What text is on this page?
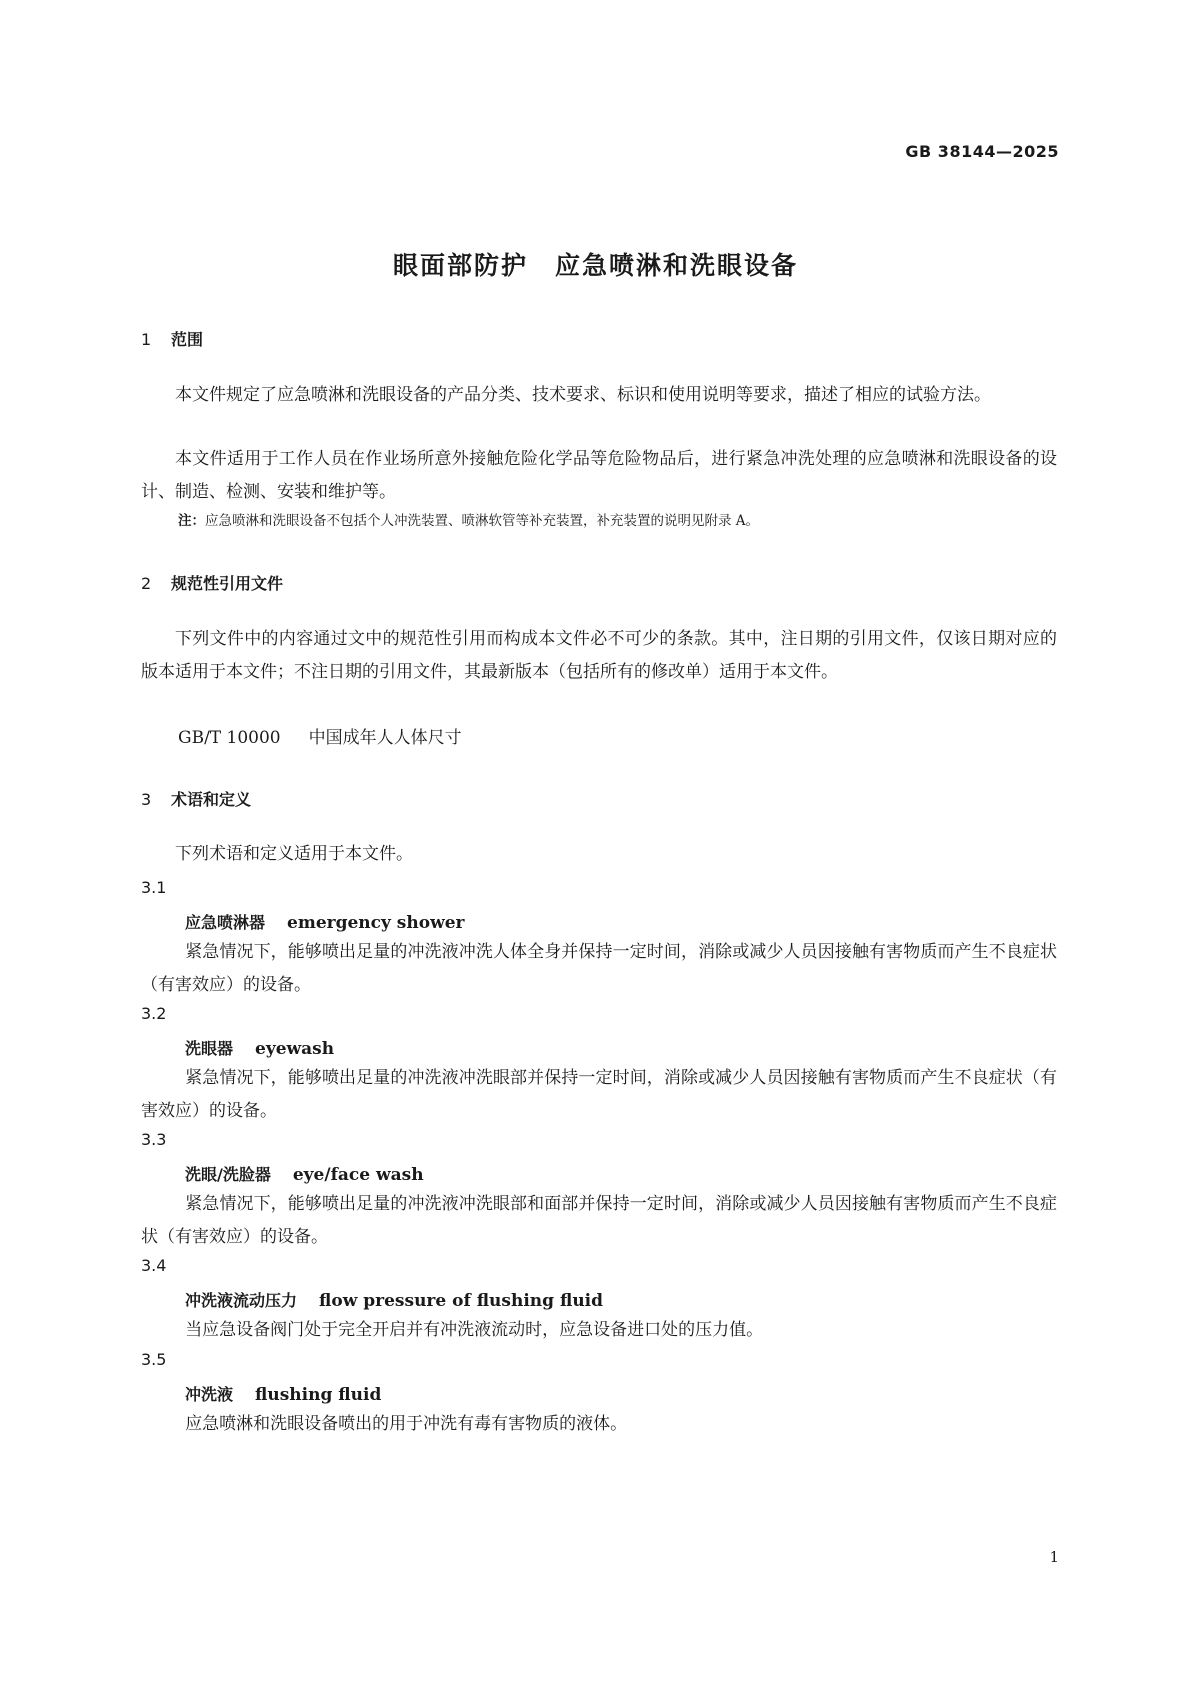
GB 38144—2025
眼面部防护　应急喷淋和洗眼设备
1 范围
本文件规定了应急喷淋和洗眼设备的产品分类、技术要求、标识和使用说明等要求，描述了相应的试验方法。
本文件适用于工作人员在作业场所意外接触危险化学品等危险物品后，进行紧急冲洗处理的应急喷淋和洗眼设备的设计、制造、检测、安装和维护等。
注：应急喷淋和洗眼设备不包括个人冲洗装置、喷淋软管等补充装置，补充装置的说明见附录 A。
2 规范性引用文件
下列文件中的内容通过文中的规范性引用而构成本文件必不可少的条款。其中，注日期的引用文件，仅该日期对应的版本适用于本文件；不注日期的引用文件，其最新版本（包括所有的修改单）适用于本文件。
GB/T 10000 中国成年人人体尺寸
3 术语和定义
下列术语和定义适用于本文件。
3.1
应急喷淋器 emergency shower
紧急情况下，能够喷出足量的冲洗液冲洗人体全身并保持一定时间，消除或减少人员因接触有害物质而产生不良症状（有害效应）的设备。
3.2
洗眼器 eyewash
紧急情况下，能够喷出足量的冲洗液冲洗眼部并保持一定时间，消除或减少人员因接触有害物质而产生不良症状（有害效应）的设备。
3.3
洗眼/洗脸器 eye/face wash
紧急情况下，能够喷出足量的冲洗液冲洗眼部和面部并保持一定时间，消除或减少人员因接触有害物质而产生不良症状（有害效应）的设备。
3.4
冲洗液流动压力 flow pressure of flushing fluid
当应急设备阀门处于完全开启并有冲洗液流动时，应急设备进口处的压力值。
3.5
冲洗液 flushing fluid
应急喷淋和洗眼设备喷出的用于冲洗有毒有害物质的液体。
1
